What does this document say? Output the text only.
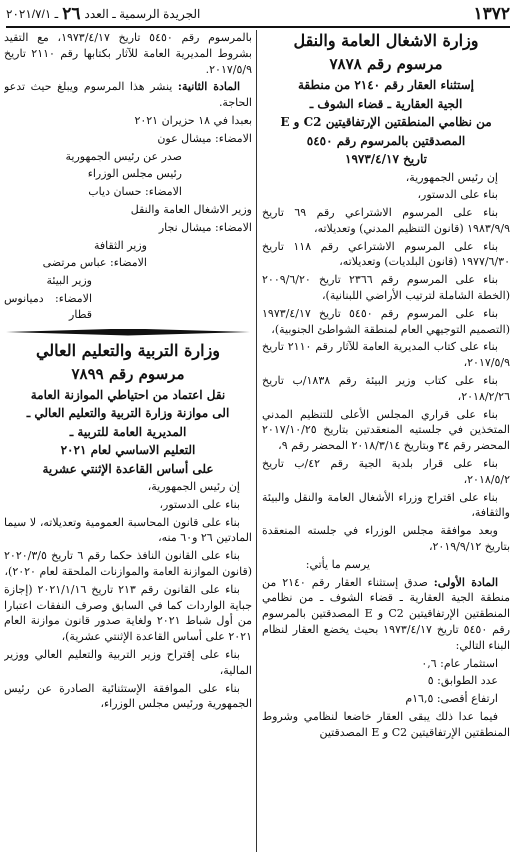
١٣٧٢
الجريدة الرسمية ـ العدد
٢٦
ـ ٢٠٢١/٧/١

وزارة الاشغال العامة والنقل

مرسوم رقم ٧٨٧٨

إستثناء العقار رقم ٢١٤٠ من منطقة

الجية العقارية ـ قضاء الشوف ـ

من نظامي المنطقتين الإرتفاقيتين C2 و E

المصدقتين بالمرسوم رقم ٥٤٥٠

تاريخ ١٩٧٣/٤/١٧

إن رئيس الجمهورية،

بناء على الدستور،

بناء على المرسوم الاشتراعي رقم ٦٩ تاريخ ١٩٨٣/٩/٩ (قانون التنظيم المدني) وتعديلاته،

بناء على المرسوم الاشتراعي رقم ١١٨ تاريخ ١٩٧٧/٦/٣٠ (قانون البلديات) وتعديلاته،

بناء على المرسوم رقم ٢٣٦٦ تاريخ ٢٠٠٩/٦/٢٠ (الخطة الشاملة لترتيب الأراضي اللبنانية)،

بناء على المرسوم رقم ٥٤٥٠ تاريخ ١٩٧٣/٤/١٧ (التصميم التوجيهي العام لمنطقة الشواطئ الجنوبية)،

بناء على كتاب المديرية العامة للآثار رقم ٢١١٠ تاريخ ٢٠١٧/٥/٩،

بناء على كتاب وزير البيئة رقم ١٨٣٨/ب تاريخ ٢٠١٨/٢/٢٦،

بناء على قراري المجلس الأعلى للتنظيم المدني المتخذين في جلستيه المنعقدتين بتاريخ ٢٠١٧/١٠/٢٥ المحضر رقم ٣٤ وبتاريخ ٢٠١٨/٣/١٤ المحضر رقم ٩،

بناء على قرار بلدية الجية رقم ٤٢/ب تاريخ ٢٠١٨/٥/٢،

بناء على اقتراح وزراء الأشغال العامة والنقل والبيئة والثقافة،

وبعد موافقة مجلس الوزراء في جلسته المنعقدة بتاريخ ٢٠١٩/٩/١٢،

يرسم ما يأتي:

المادة الأولى: صدق إستثناء العقار رقم ٢١٤٠ من منطقة الجية العقارية ـ قضاء الشوف ـ من نظامي المنطقتين الإرتفاقيتين C2 و E المصدقتين بالمرسوم رقم ٥٤٥٠ تاريخ ١٩٧٣/٤/١٧ بحيث يخضع العقار لنظام البناء التالي:

استثمار عام: ٠,٦

عدد الطوابق: ٥

ارتفاع أقصى: ١٦,٥م

فيما عدا ذلك يبقى العقار خاضعا لنظامي وشروط المنطقتين الإرتفاقيتين C2 و E المصدقتين

بالمرسوم رقم ٥٤٥٠ تاريخ ١٩٧٣/٤/١٧، مع التقيد بشروط المديرية العامة للآثار بكتابها رقم ٢١١٠ تاريخ ٢٠١٧/٥/٩.

المادة الثانية: ينشر هذا المرسوم ويبلغ حيث تدعو الحاجة.

بعبدا في ١٨ حزيران ٢٠٢١

الامضاء: ميشال عون

صدر عن رئيس الجمهورية

رئيس مجلس الوزراء

الامضاء: حسان دياب

وزير الاشغال العامة والنقل

الامضاء: ميشال نجار

وزير الثقافة

الامضاء: عباس مرتضى

وزير البيئة

الامضاء: دميانوس قطار

وزارة التربية والتعليم العالي

مرسوم رقم ٧٨٩٩

نقل اعتماد من احتياطي الموازنة العامة

الى موازنة وزارة التربية والتعليم العالي ـ

المديرية العامة للتربية ـ

التعليم الاساسي لعام ٢٠٢١

على أساس القاعدة الإثنتي عشرية

إن رئيس الجمهورية،

بناء على الدستور،

بناء على قانون المحاسبة العمومية وتعديلاته، لا سيما المادتين ٢٦ و٦٠ منه،

بناء على القانون النافذ حكما رقم ٦ تاريخ ٢٠٢٠/٣/٥ (قانون الموازنة العامة والموازنات الملحقة لعام ٢٠٢٠)،

بناء على القانون رقم ٢١٣ تاريخ ٢٠٢١/١/١٦ (إجازة جباية الواردات كما في السابق وصرف النفقات اعتبارا من أول شباط ٢٠٢١ ولغاية صدور قانون موازنة العام ٢٠٢١ على أساس القاعدة الإثنتي عشرية)،

بناء على إقتراح وزير التربية والتعليم العالي ووزير المالية،

بناء على الموافقة الإستثنائية الصادرة عن رئيس الجمهورية ورئيس مجلس الوزراء،
